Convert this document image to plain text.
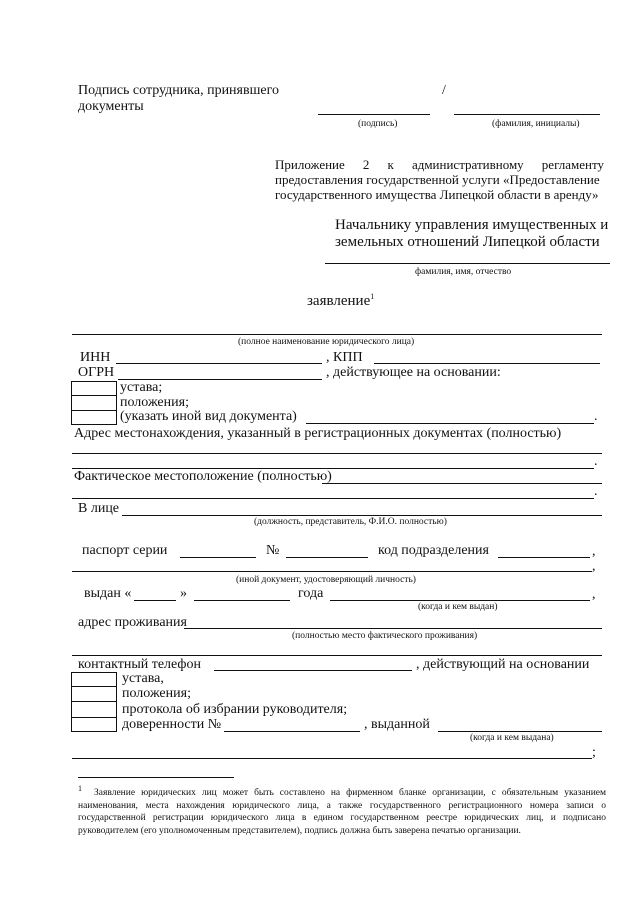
Подпись сотрудника, принявшего
документы
/
(подпись)	(фамилия, инициалы)
Приложение 2 к административному регламенту
предоставления государственной услуги «Предоставление
государственного имущества Липецкой области в аренду»
Начальнику управления имущественных и
земельных отношений Липецкой области
фамилия, имя, отчество
заявление$^1$
(полное наименование юридического лица)
ИНН	, КПП
ОГРН	, действующее на основании:
устава;
положения;
(указать иной вид документа)	.
Адрес местонахождения, указанный в регистрационных документах (полностью)
.
Фактическое местоположение (полностью)
.
В лице
(должность, представитель, Ф.И.О. полностью)
паспорт серии	№	код подразделения	,
,
(иной документ, удостоверяющий личность)
выдан «	»	года	,
(когда и кем выдан)
адрес проживания
(полностью место фактического проживания)
контактный телефон	, действующий на основании
устава,
положения;
протокола об избрании руководителя;
доверенности №	, выданной
(когда и кем выдана)
;
$^1$ Заявление юридических лиц может быть составлено на фирменном бланке организации, с обязательным указанием наименования, места нахождения юридического лица, а также государственного регистрационного номера записи о государственной регистрации юридического лица в едином государственном реестре юридических лиц, и подписано руководителем (его уполномоченным представителем), подпись должна быть заверена печатью организации.
